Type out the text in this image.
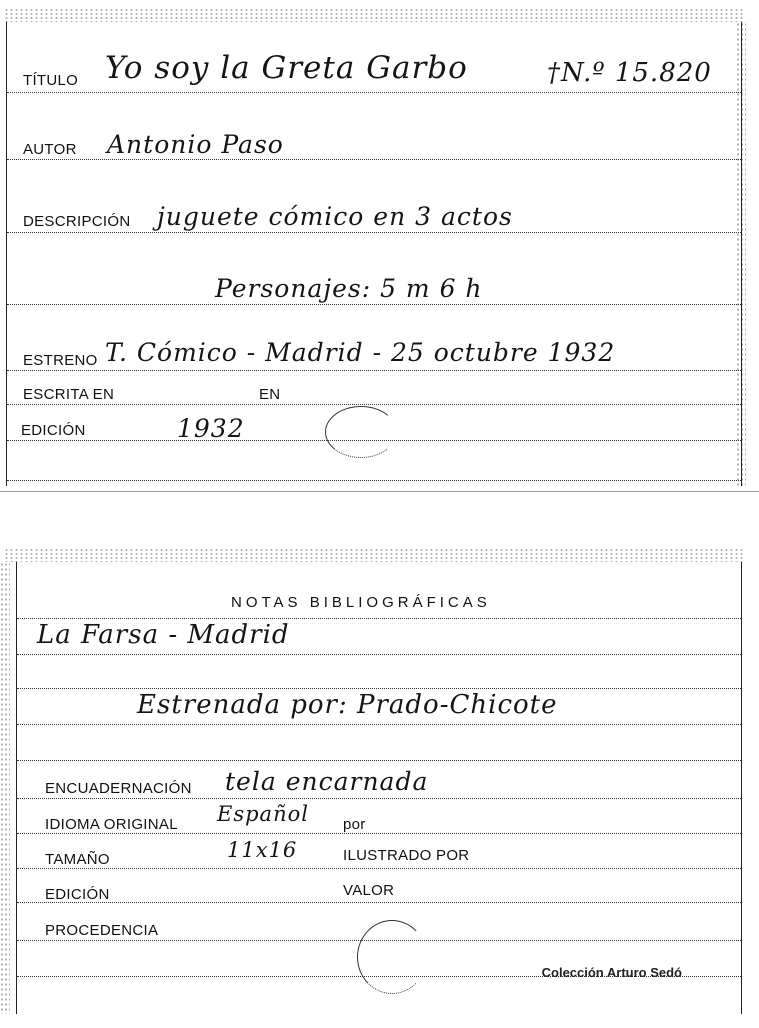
TÍTULO Yo soy la Greta Garbo	†N.º 15.820
AUTOR Antonio Paso
DESCRIPCIÓN juguete cómico en 3 actos
Personajes: 5 m 6 h
ESTRENO T. Cómico - Madrid - 25 octubre 1932
ESCRITA EN	EN
EDICIÓN	1932
NOTAS BIBLIOGRÁFICAS
La Farsa - Madrid
Estrenada por: Prado-Chicote
ENCUADERNACIÓN tela encarnada
IDIOMA ORIGINAL Español por
TAMAÑO	11x16	ILUSTRADO POR
EDICIÓN	VALOR
PROCEDENCIA
Colección Arturo Sedó
